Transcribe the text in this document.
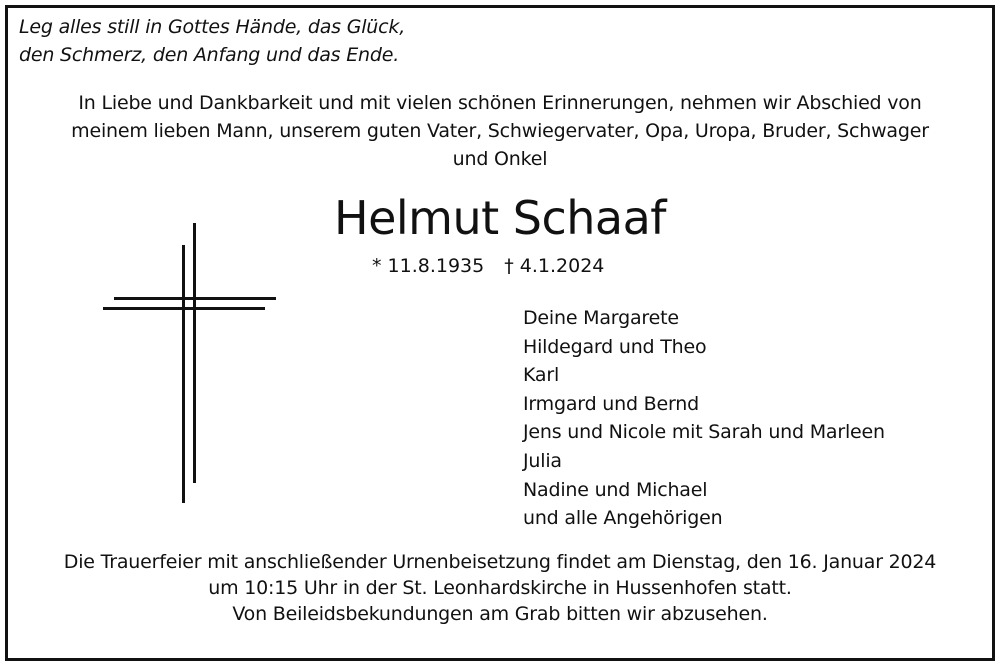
Leg alles still in Gottes Hände, das Glück,
den Schmerz, den Anfang und das Ende.
In Liebe und Dankbarkeit und mit vielen schönen Erinnerungen, nehmen wir Abschied von
meinem lieben Mann, unserem guten Vater, Schwiegervater, Opa, Uropa, Bruder, Schwager
und Onkel
Helmut Schaaf
* 11.8.1935 † 4.1.2024
Deine Margarete
Hildegard und Theo
Karl
Irmgard und Bernd
Jens und Nicole mit Sarah und Marleen
Julia
Nadine und Michael
und alle Angehörigen
Die Trauerfeier mit anschließender Urnenbeisetzung findet am Dienstag, den 16. Januar 2024
um 10:15 Uhr in der St. Leonhardskirche in Hussenhofen statt.
Von Beileidsbekundungen am Grab bitten wir abzusehen.
